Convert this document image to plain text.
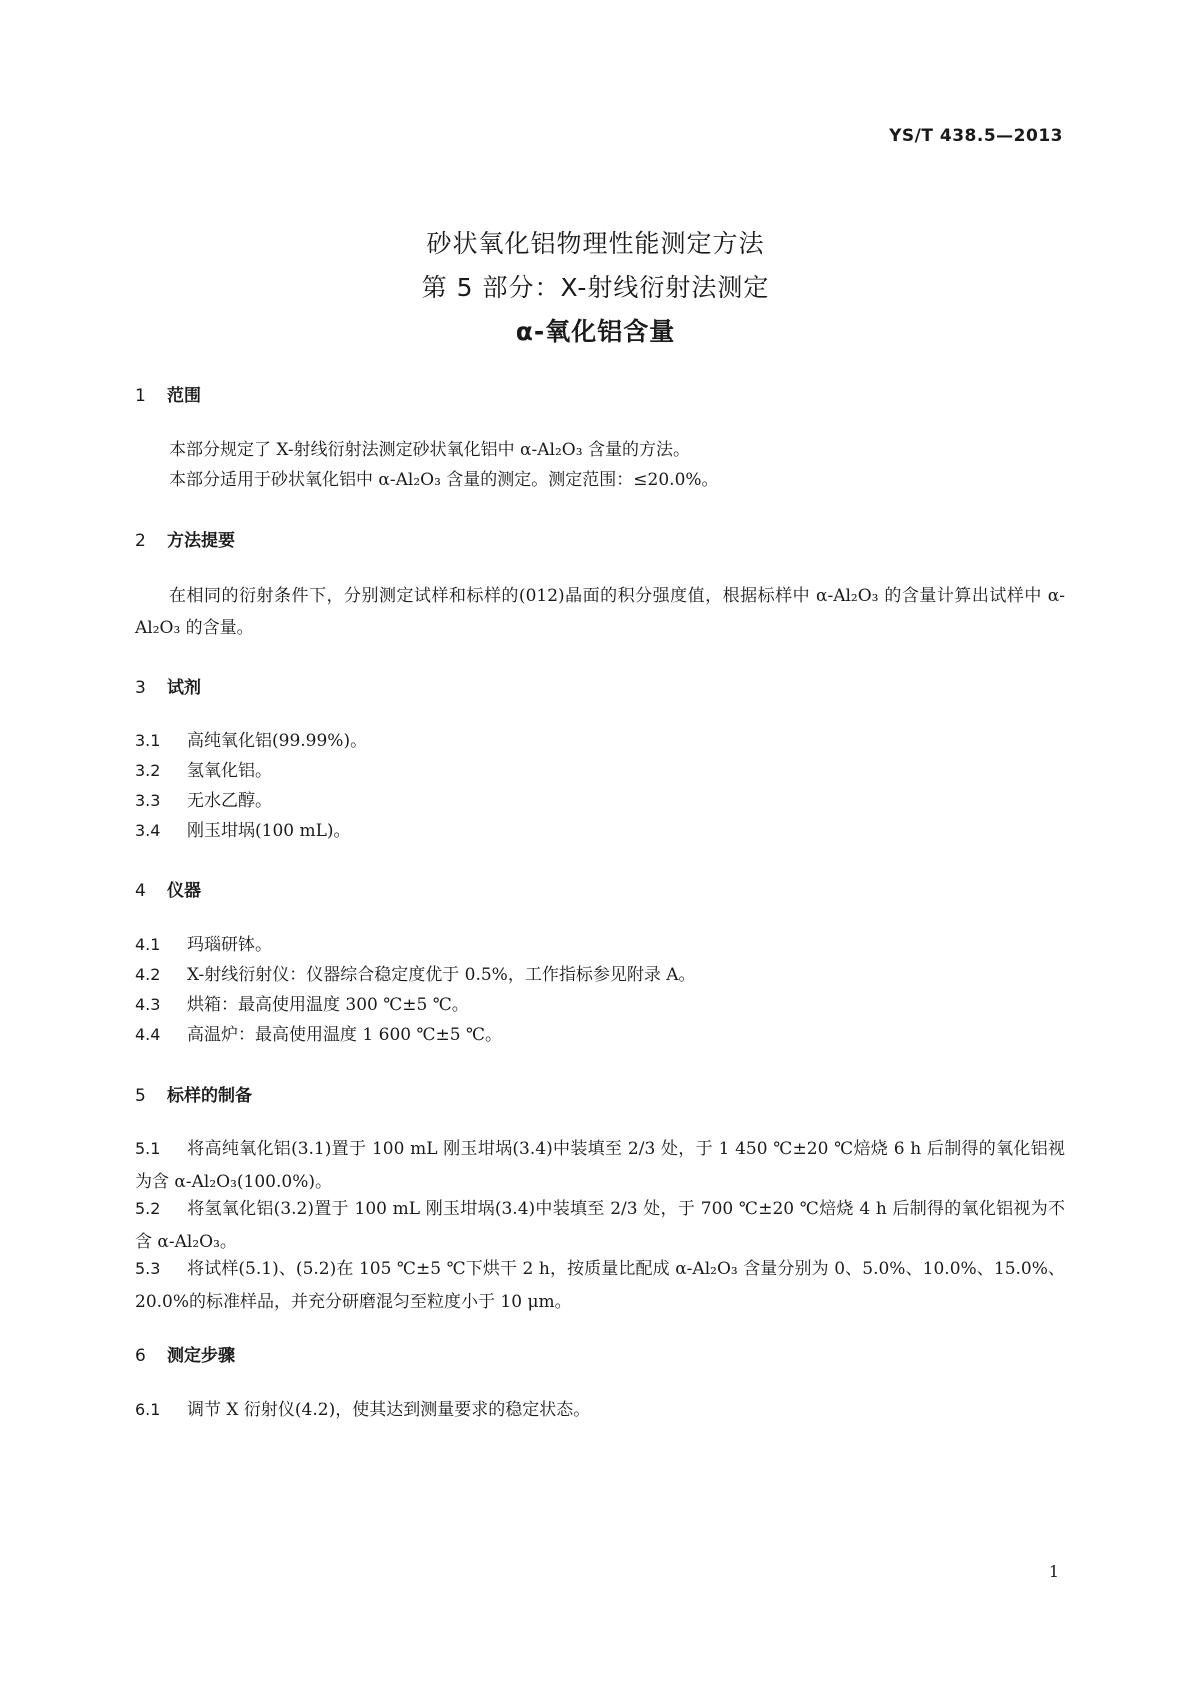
YS/T 438.5—2013
砂状氧化铝物理性能测定方法
第 5 部分：X-射线衍射法测定
α-氧化铝含量
1 范围
本部分规定了 X-射线衍射法测定砂状氧化铝中 α-Al₂O₃ 含量的方法。
本部分适用于砂状氧化铝中 α-Al₂O₃ 含量的测定。测定范围：≤20.0%。
2 方法提要
在相同的衍射条件下，分别测定试样和标样的(012)晶面的积分强度值，根据标样中 α-Al₂O₃ 的含量计算出试样中 α-Al₂O₃ 的含量。
3 试剂
3.1 高纯氧化铝(99.99%)。
3.2 氢氧化铝。
3.3 无水乙醇。
3.4 刚玉坩埚(100 mL)。
4 仪器
4.1 玛瑙研钵。
4.2 X-射线衍射仪：仪器综合稳定度优于 0.5%，工作指标参见附录 A。
4.3 烘箱：最高使用温度 300 ℃±5 ℃。
4.4 高温炉：最高使用温度 1 600 ℃±5 ℃。
5 标样的制备
5.1 将高纯氧化铝(3.1)置于 100 mL 刚玉坩埚(3.4)中装填至 2/3 处，于 1 450 ℃±20 ℃焙烧 6 h 后制得的氧化铝视为含 α-Al₂O₃(100.0%)。
5.2 将氢氧化铝(3.2)置于 100 mL 刚玉坩埚(3.4)中装填至 2/3 处，于 700 ℃±20 ℃焙烧 4 h 后制得的氧化铝视为不含 α-Al₂O₃。
5.3 将试样(5.1)、(5.2)在 105 ℃±5 ℃下烘干 2 h，按质量比配成 α-Al₂O₃ 含量分别为 0、5.0%、10.0%、15.0%、20.0%的标准样品，并充分研磨混匀至粒度小于 10 μm。
6 测定步骤
6.1 调节 X 衍射仪(4.2)，使其达到测量要求的稳定状态。
1
